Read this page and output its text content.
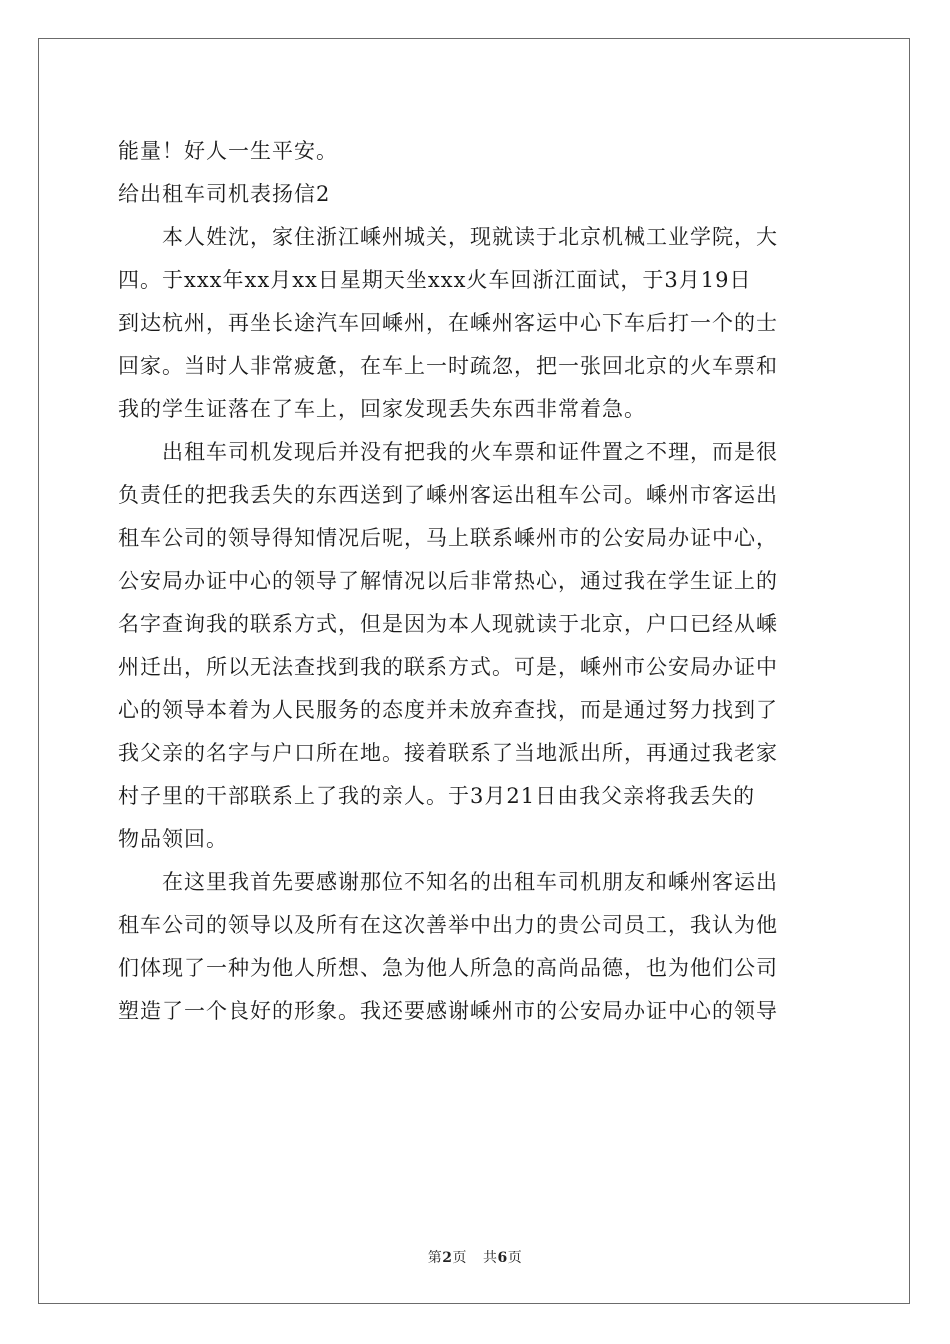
能量！好人一生平安。
给出租车司机表扬信2
　　本人姓沈，家住浙江嵊州城关，现就读于北京机械工业学院，大
四。于xxx年xx月xx日星期天坐xxx火车回浙江面试，于3月19日
到达杭州，再坐长途汽车回嵊州，在嵊州客运中心下车后打一个的士
回家。当时人非常疲惫，在车上一时疏忽，把一张回北京的火车票和
我的学生证落在了车上，回家发现丢失东西非常着急。
　　出租车司机发现后并没有把我的火车票和证件置之不理，而是很
负责任的把我丢失的东西送到了嵊州客运出租车公司。嵊州市客运出
租车公司的领导得知情况后呢，马上联系嵊州市的公安局办证中心，
公安局办证中心的领导了解情况以后非常热心，通过我在学生证上的
名字查询我的联系方式，但是因为本人现就读于北京，户口已经从嵊
州迁出，所以无法查找到我的联系方式。可是，嵊州市公安局办证中
心的领导本着为人民服务的态度并未放弃查找，而是通过努力找到了
我父亲的名字与户口所在地。接着联系了当地派出所，再通过我老家
村子里的干部联系上了我的亲人。于3月21日由我父亲将我丢失的
物品领回。
　　在这里我首先要感谢那位不知名的出租车司机朋友和嵊州客运出
租车公司的领导以及所有在这次善举中出力的贵公司员工，我认为他
们体现了一种为他人所想、急为他人所急的高尚品德，也为他们公司
塑造了一个良好的形象。我还要感谢嵊州市的公安局办证中心的领导
第2页 共6页
